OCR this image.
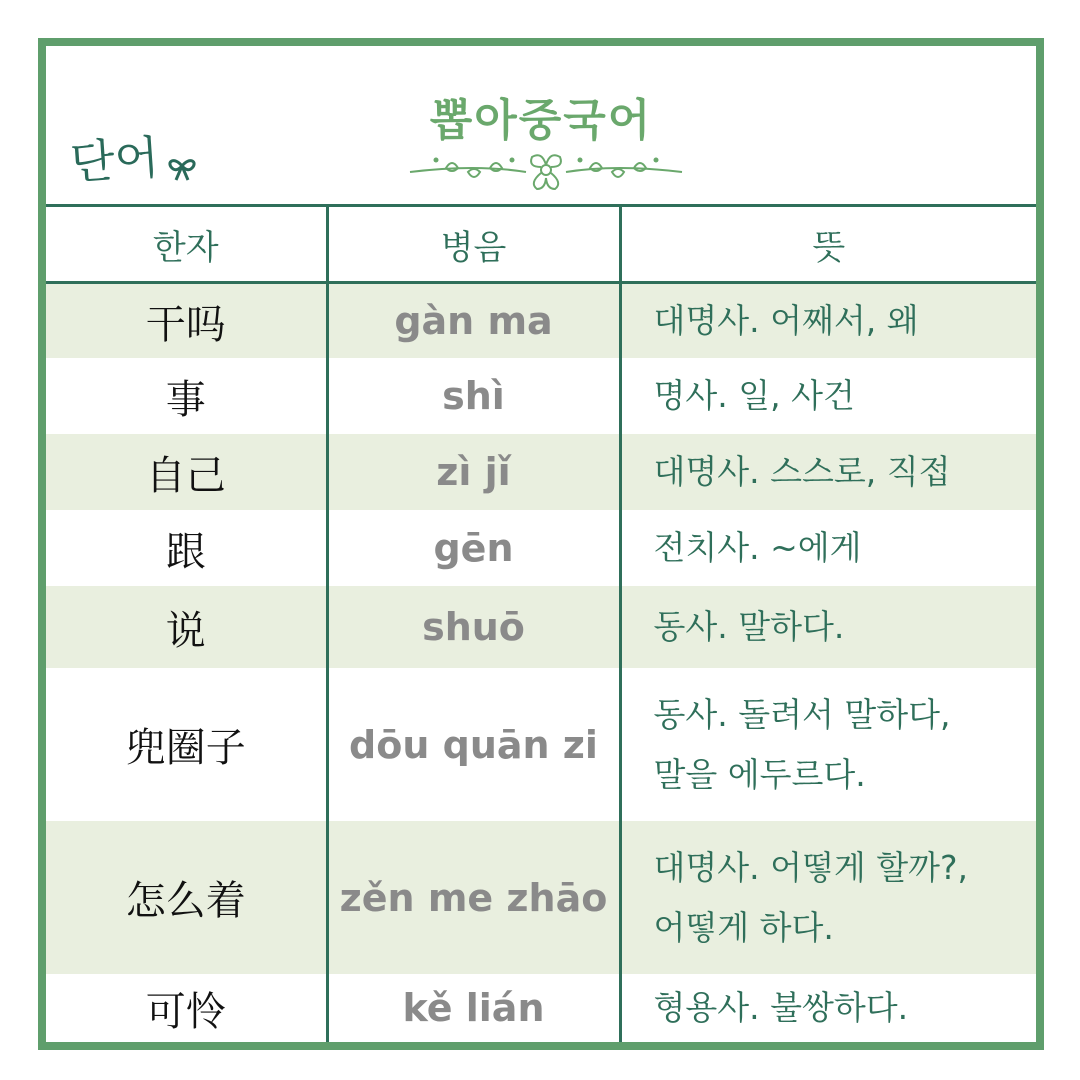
단어
뽑아중국어
한자	병음	뜻
干吗	gàn ma	대명사. 어째서, 왜

事	shì	명사. 일, 사건

自己	zì jǐ	대명사. 스스로, 직접

跟	gēn	전치사. ~에게

说	shuō	동사. 말하다.

兜圈子	dōu quān zi	동사. 돌려서 말하다,
말을 에두르다.

怎么着	zěn me zhāo	대명사. 어떻게 할까?,
어떻게 하다.

可怜	kě lián	형용사. 불쌍하다.
